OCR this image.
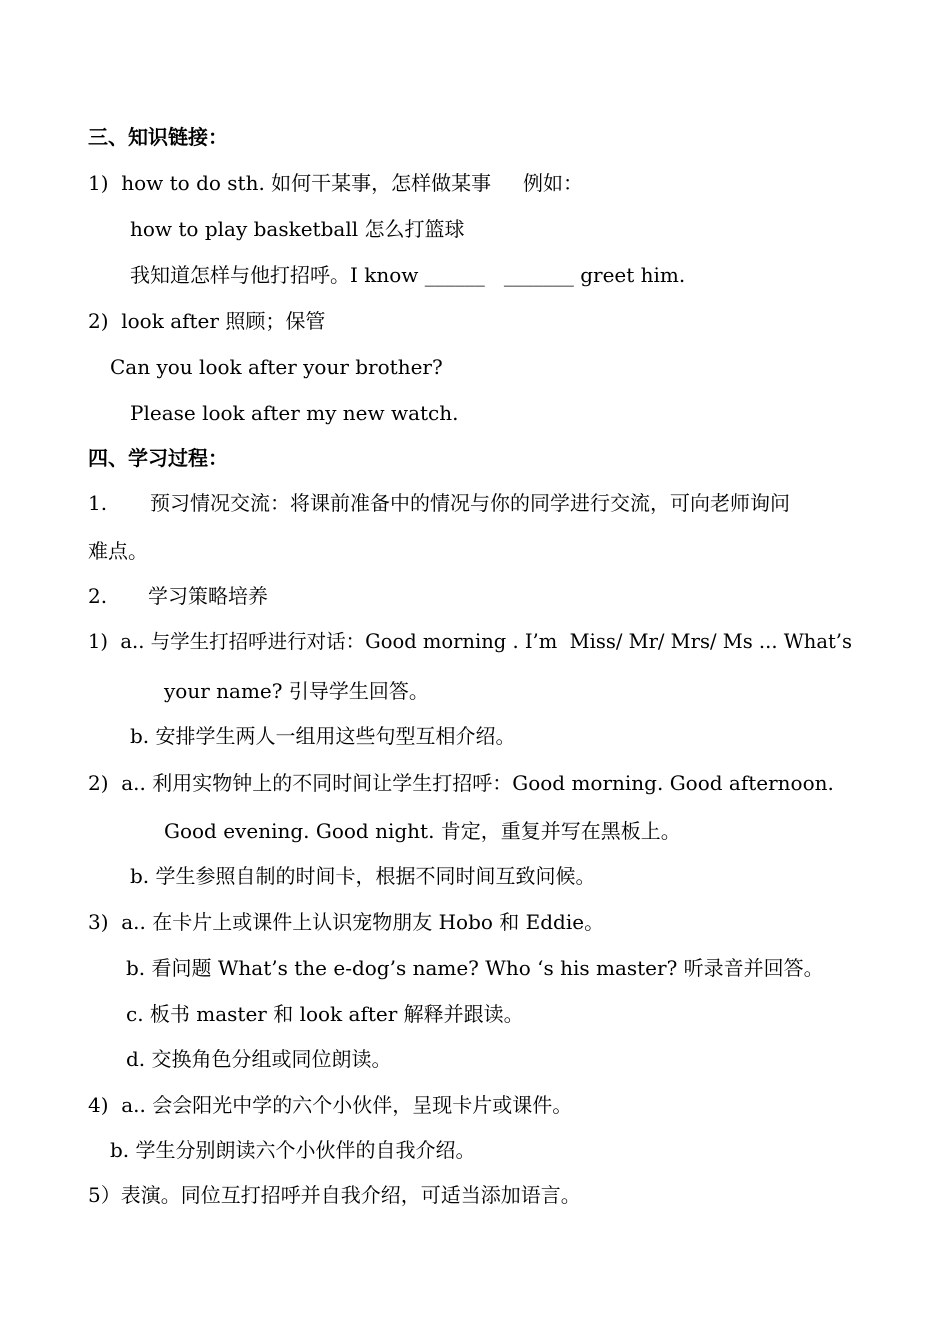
三、知识链接：
1)  how to do sth. 如何干某事，怎样做某事     例如：
how to play basketball 怎么打篮球
我知道怎样与他打招呼。I know ______   _______ greet him.
2)  look after 照顾；保管
Can you look after your brother?
Please look after my new watch.
四、学习过程：
1. 预习情况交流：将课前准备中的情况与你的同学进行交流，可向老师询问
难点。
2. 学习策略培养
1)  a.. 与学生打招呼进行对话：Good morning . I’m  Miss/ Mr/ Mrs/ Ms ... What’s
your name? 引导学生回答。
b. 安排学生两人一组用这些句型互相介绍。
2)  a.. 利用实物钟上的不同时间让学生打招呼：Good morning. Good afternoon.
Good evening. Good night. 肯定，重复并写在黑板上。
b. 学生参照自制的时间卡，根据不同时间互致问候。
3)  a.. 在卡片上或课件上认识宠物朋友 Hobo 和 Eddie。
b. 看问题 What’s the e-dog’s name? Who ‘s his master? 听录音并回答。
c. 板书 master 和 look after 解释并跟读。
d. 交换角色分组或同位朗读。
4)  a.. 会会阳光中学的六个小伙伴，呈现卡片或课件。
b. 学生分别朗读六个小伙伴的自我介绍。
5）表演。同位互打招呼并自我介绍，可适当添加语言。
